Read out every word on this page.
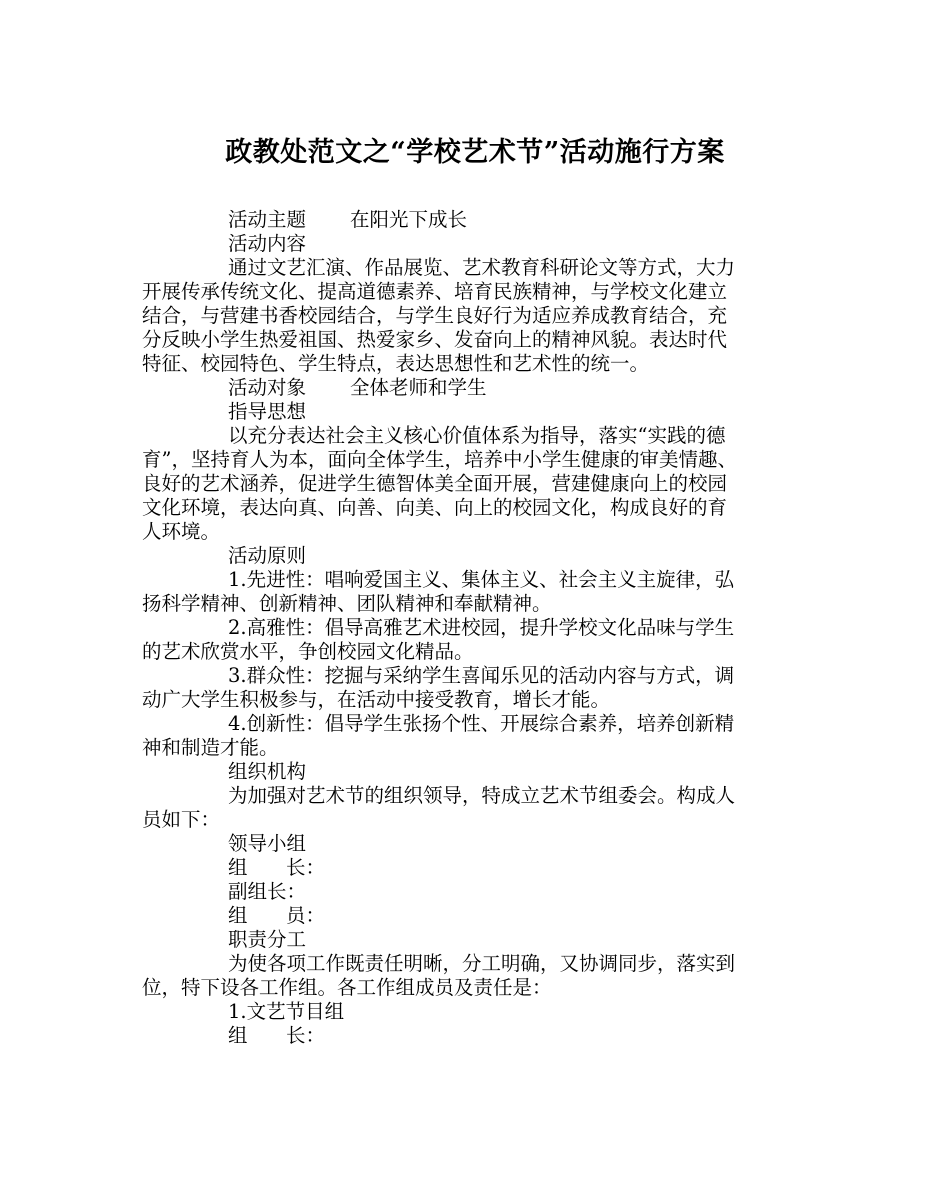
政教处范文之“学校艺术节”活动施行方案
活动主题 在阳光下成长
活动内容
通过文艺汇演、作品展览、艺术教育科研论文等方式，大力
开展传承传统文化、提高道德素养、培育民族精神，与学校文化建立
结合，与营建书香校园结合，与学生良好行为适应养成教育结合，充
分反映小学生热爱祖国、热爱家乡、发奋向上的精神风貌。表达时代
特征、校园特色、学生特点，表达思想性和艺术性的统一。
活动对象 全体老师和学生
指导思想
以充分表达社会主义核心价值体系为指导，落实“实践的德
育”，坚持育人为本，面向全体学生，培养中小学生健康的审美情趣、
良好的艺术涵养，促进学生德智体美全面开展，营建健康向上的校园
文化环境，表达向真、向善、向美、向上的校园文化，构成良好的育
人环境。
活动原则
1.先进性：唱响爱国主义、集体主义、社会主义主旋律，弘
扬科学精神、创新精神、团队精神和奉献精神。
2.高雅性：倡导高雅艺术进校园，提升学校文化品味与学生
的艺术欣赏水平，争创校园文化精品。
3.群众性：挖掘与采纳学生喜闻乐见的活动内容与方式，调
动广大学生积极参与，在活动中接受教育，增长才能。
4.创新性：倡导学生张扬个性、开展综合素养，培养创新精
神和制造才能。
组织机构
为加强对艺术节的组织领导，特成立艺术节组委会。构成人
员如下：
领导小组
组 长：
副组长：
组 员：
职责分工
为使各项工作既责任明晰，分工明确，又协调同步，落实到
位，特下设各工作组。各工作组成员及责任是：
1.文艺节目组
组 长：
